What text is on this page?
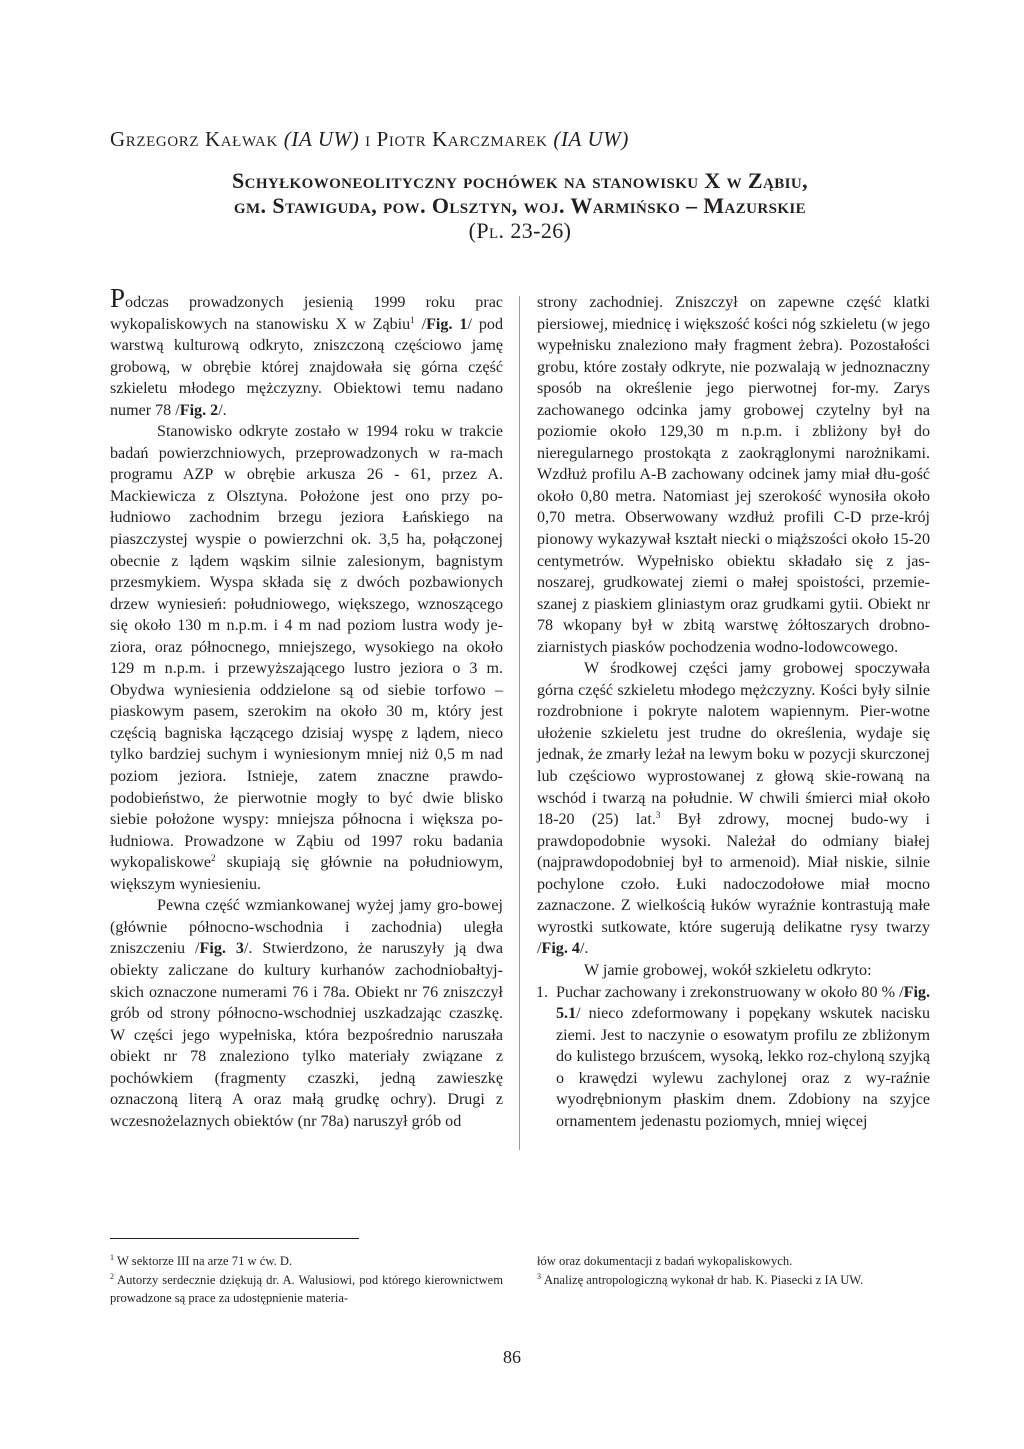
Grzegorz Kałwak (IA UW) i Piotr Karczmarek (IA UW)
Schyłkowoneolityczny pochówek na stanowisku X w Ząbiu,
gm. Stawiguda, pow. Olsztyn, woj. Warmińsko – Mazurskie
(Pl. 23-26)

Podczas prowadzonych jesienią 1999 roku prac wykopaliskowych na stanowisku X w Ząbiu$^1$ /Fig. 1/ pod warstwą kulturową odkryto, zniszczoną częściowo jamę grobową, w obrębie której znajdowała się górna część szkieletu młodego mężczyzny. Obiektowi temu nadano numer 78 /Fig. 2/.

Stanowisko odkryte zostało w 1994 roku w trakcie badań powierzchniowych, przeprowadzonych w ra-mach programu AZP w obrębie arkusza 26 - 61, przez A. Mackiewicza z Olsztyna. Położone jest ono przy po-łudniowo zachodnim brzegu jeziora Łańskiego na piaszczystej wyspie o powierzchni ok. 3,5 ha, połączonej obecnie z lądem wąskim silnie zalesionym, bagnistym przesmykiem. Wyspa składa się z dwóch pozbawionych drzew wyniesień: południowego, większego, wznoszącego się około 130 m n.p.m. i 4 m nad poziom lustra wody je-ziora, oraz północnego, mniejszego, wysokiego na około 129 m n.p.m. i przewyższającego lustro jeziora o 3 m. Obydwa wyniesienia oddzielone są od siebie torfowo – piaskowym pasem, szerokim na około 30 m, który jest częścią bagniska łączącego dzisiaj wyspę z lądem, nieco tylko bardziej suchym i wyniesionym mniej niż 0,5 m nad poziom jeziora. Istnieje, zatem znaczne prawdo-podobieństwo, że pierwotnie mogły to być dwie blisko siebie położone wyspy: mniejsza północna i większa po-łudniowa. Prowadzone w Ząbiu od 1997 roku badania wykopaliskowe$^2$ skupiają się głównie na południowym, większym wyniesieniu.

Pewna część wzmiankowanej wyżej jamy gro-bowej (głównie północno-wschodnia i zachodnia) uległa zniszczeniu /Fig. 3/. Stwierdzono, że naruszyły ją dwa obiekty zaliczane do kultury kurhanów zachodniobałtyj-skich oznaczone numerami 76 i 78a. Obiekt nr 76 zniszczył grób od strony północno-wschodniej uszkadzając czaszkę. W części jego wypełniska, która bezpośrednio naruszała obiekt nr 78 znaleziono tylko materiały związane z pochówkiem (fragmenty czaszki, jedną zawieszkę oznaczoną literą A oraz małą grudkę ochry). Drugi z wczesnożelaznych obiektów (nr 78a) naruszył grób od

strony zachodniej. Zniszczył on zapewne część klatki piersiowej, miednicę i większość kości nóg szkieletu (w jego wypełnisku znaleziono mały fragment żebra). Pozostałości grobu, które zostały odkryte, nie pozwalają w jednoznaczny sposób na określenie jego pierwotnej for-my. Zarys zachowanego odcinka jamy grobowej czytelny był na poziomie około 129,30 m n.p.m. i zbliżony był do nieregularnego prostokąta z zaokrąglonymi narożnikami. Wzdłuż profilu A-B zachowany odcinek jamy miał dłu-gość około 0,80 metra. Natomiast jej szerokość wynosiła około 0,70 metra. Obserwowany wzdłuż profili C-D prze-krój pionowy wykazywał kształt niecki o miąższości około 15-20 centymetrów. Wypełnisko obiektu składało się z jas-noszarej, grudkowatej ziemi o małej spoistości, przemie-szanej z piaskiem gliniastym oraz grudkami gytii. Obiekt nr 78 wkopany był w zbitą warstwę żółtoszarych drobno-ziarnistych piasków pochodzenia wodno-lodowcowego.

W środkowej części jamy grobowej spoczywała górna część szkieletu młodego mężczyzny. Kości były silnie rozdrobnione i pokryte nalotem wapiennym. Pier-wotne ułożenie szkieletu jest trudne do określenia, wydaje się jednak, że zmarły leżał na lewym boku w pozycji skurczonej lub częściowo wyprostowanej z głową skie-rowaną na wschód i twarzą na południe. W chwili śmierci miał około 18-20 (25) lat.$^3$ Był zdrowy, mocnej budo-wy i prawdopodobnie wysoki. Należał do odmiany białej (najprawdopodobniej był to armenoid). Miał niskie, silnie pochylone czoło. Łuki nadoczodołowe miał mocno zaznaczone. Z wielkością łuków wyraźnie kontrastują małe wyrostki sutkowate, które sugerują delikatne rysy twarzy /Fig. 4/.

W jamie grobowej, wokół szkieletu odkryto:

1. Puchar zachowany i zrekonstruowany w około 80 % /Fig. 5.1/ nieco zdeformowany i popękany wskutek nacisku ziemi. Jest to naczynie o esowatym profilu ze zbliżonym do kulistego brzuścem, wysoką, lekko roz-chyloną szyjką o krawędzi wylewu zachylonej oraz z wy-raźnie wyodrębnionym płaskim dnem. Zdobiony na szyjce ornamentem jedenastu poziomych, mniej więcej

$^1$ W sektorze III na arze 71 w ćw. D.

$^2$ Autorzy serdecznie dziękują dr. A. Walusiowi, pod którego kierownictwem prowadzone są prace za udostępnienie materia-

łów oraz dokumentacji z badań wykopaliskowych.

$^3$ Analizę antropologiczną wykonał dr hab. K. Piasecki z IA UW.

86
